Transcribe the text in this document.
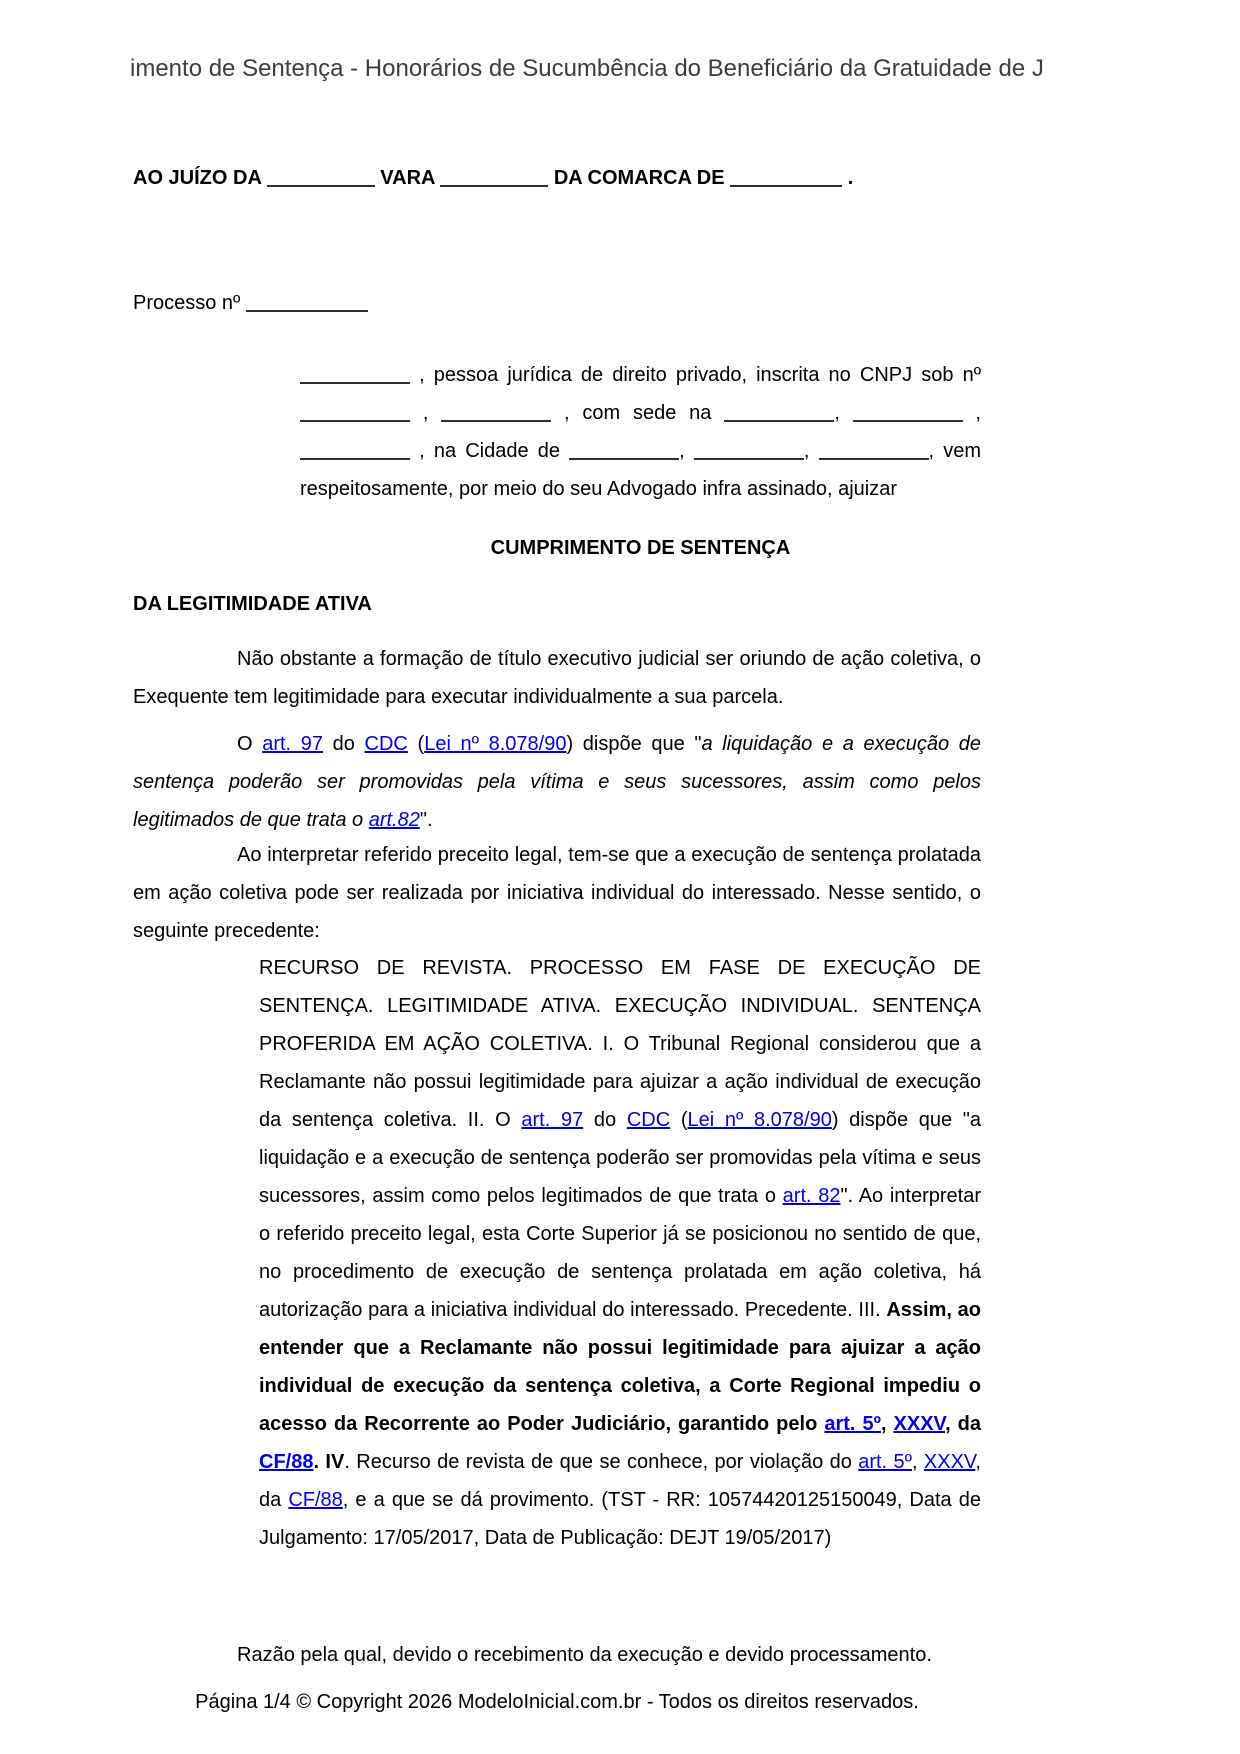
imento de Sentença - Honorários de Sucumbência do Beneficiário da Gratuidade de J
AO JUÍZO DA	VARA	DA COMARCA DE	.
Processo nº
, pessoa jurídica de direito privado, inscrita no CNPJ sob nº  ,	, com sede na	,	,  , na Cidade de	,	,	, vem respeitosamente, por meio do seu Advogado infra assinado, ajuizar
CUMPRIMENTO DE SENTENÇA
DA LEGITIMIDADE ATIVA
Não obstante a formação de título executivo judicial ser oriundo de ação coletiva, o Exequente tem legitimidade para executar individualmente a sua parcela.
O art. 97 do CDC (Lei nº 8.078/90) dispõe que "a liquidação e a execução de sentença poderão ser promovidas pela vítima e seus sucessores, assim como pelos legitimados de que trata o art.82".
Ao interpretar referido preceito legal, tem-se que a execução de sentença prolatada em ação coletiva pode ser realizada por iniciativa individual do interessado. Nesse sentido, o seguinte precedente:
RECURSO DE REVISTA. PROCESSO EM FASE DE EXECUÇÃO DE SENTENÇA. LEGITIMIDADE ATIVA. EXECUÇÃO INDIVIDUAL. SENTENÇA PROFERIDA EM AÇÃO COLETIVA. I. O Tribunal Regional considerou que a Reclamante não possui legitimidade para ajuizar a ação individual de execução da sentença coletiva. II. O art. 97 do CDC (Lei nº 8.078/90) dispõe que "a liquidação e a execução de sentença poderão ser promovidas pela vítima e seus sucessores, assim como pelos legitimados de que trata o art. 82". Ao interpretar o referido preceito legal, esta Corte Superior já se posicionou no sentido de que, no procedimento de execução de sentença prolatada em ação coletiva, há autorização para a iniciativa individual do interessado. Precedente. III. Assim, ao entender que a Reclamante não possui legitimidade para ajuizar a ação individual de execução da sentença coletiva, a Corte Regional impediu o acesso da Recorrente ao Poder Judiciário, garantido pelo art. 5º, XXXV, da CF/88. IV. Recurso de revista de que se conhece, por violação do art. 5º, XXXV, da CF/88, e a que se dá provimento. (TST - RR: 10574420125150049, Data de Julgamento: 17/05/2017, Data de Publicação: DEJT 19/05/2017)
Razão pela qual, devido o recebimento da execução e devido processamento.
Página 1/4 © Copyright 2026 ModeloInicial.com.br - Todos os direitos reservados.
